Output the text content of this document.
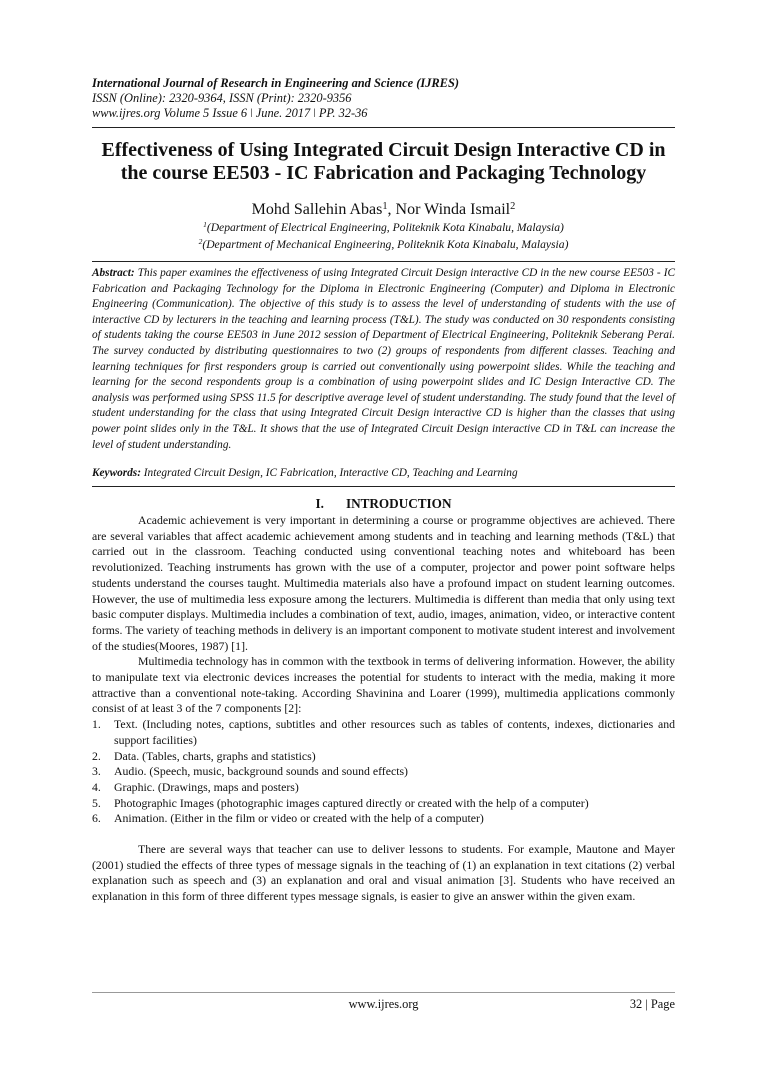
International Journal of Research in Engineering and Science (IJRES)
ISSN (Online): 2320-9364, ISSN (Print): 2320-9356
www.ijres.org Volume 5 Issue 6 ǀ June. 2017 ǀ PP. 32-36
Effectiveness of Using Integrated Circuit Design Interactive CD in
the course EE503 - IC Fabrication and Packaging Technology
Mohd Sallehin Abas$^1$, Nor Winda Ismail$^2$
$^1$(Department of Electrical Engineering, Politeknik Kota Kinabalu, Malaysia)
$^2$(Department of Mechanical Engineering, Politeknik Kota Kinabalu, Malaysia)
Abstract: This paper examines the effectiveness of using Integrated Circuit Design interactive CD in the new course EE503 - IC Fabrication and Packaging Technology for the Diploma in Electronic Engineering (Computer) and Diploma in Electronic Engineering (Communication). The objective of this study is to assess the level of understanding of students with the use of interactive CD by lecturers in the teaching and learning process (T&L). The study was conducted on 30 respondents consisting of students taking the course EE503 in June 2012 session of Department of Electrical Engineering, Politeknik Seberang Perai. The survey conducted by distributing questionnaires to two (2) groups of respondents from different classes. Teaching and learning techniques for first responders group is carried out conventionally using powerpoint slides. While the teaching and learning for the second respondents group is a combination of using powerpoint slides and IC Design Interactive CD. The analysis was performed using SPSS 11.5 for descriptive average level of student understanding. The study found that the level of student understanding for the class that using Integrated Circuit Design interactive CD is higher than the classes that using power point slides only in the T&L. It shows that the use of Integrated Circuit Design interactive CD in T&L can increase the level of student understanding.
Keywords: Integrated Circuit Design, IC Fabrication, Interactive CD, Teaching and Learning
I. INTRODUCTION

Academic achievement is very important in determining a course or programme objectives are achieved. There are several variables that affect academic achievement among students and in teaching and learning methods (T&L) that carried out in the classroom. Teaching conducted using conventional teaching notes and whiteboard has been revolutionized. Teaching instruments has grown with the use of a computer, projector and power point software helps students understand the courses taught. Multimedia materials also have a profound impact on student learning outcomes. However, the use of multimedia less exposure among the lecturers. Multimedia is different than media that only using text basic computer displays. Multimedia includes a combination of text, audio, images, animation, video, or interactive content forms. The variety of teaching methods in delivery is an important component to motivate student interest and involvement of the studies(Moores, 1987) [1].

Multimedia technology has in common with the textbook in terms of delivering information. However, the ability to manipulate text via electronic devices increases the potential for students to interact with the media, making it more attractive than a conventional note-taking. According Shavinina and Loarer (1999), multimedia applications commonly consist of at least 3 of the 7 components [2]:

1. Text. (Including notes, captions, subtitles and other resources such as tables of contents, indexes, dictionaries and support facilities)
2. Data. (Tables, charts, graphs and statistics)
3. Audio. (Speech, music, background sounds and sound effects)
4. Graphic. (Drawings, maps and posters)
5. Photographic Images (photographic images captured directly or created with the help of a computer)
6. Animation. (Either in the film or video or created with the help of a computer)

There are several ways that teacher can use to deliver lessons to students. For example, Mautone and Mayer (2001) studied the effects of three types of message signals in the teaching of (1) an explanation in text citations (2) verbal explanation such as speech and (3) an explanation and oral and visual animation [3]. Students who have received an explanation in this form of three different types message signals, is easier to give an answer within the given exam.

www.ijres.org	32 | Page
